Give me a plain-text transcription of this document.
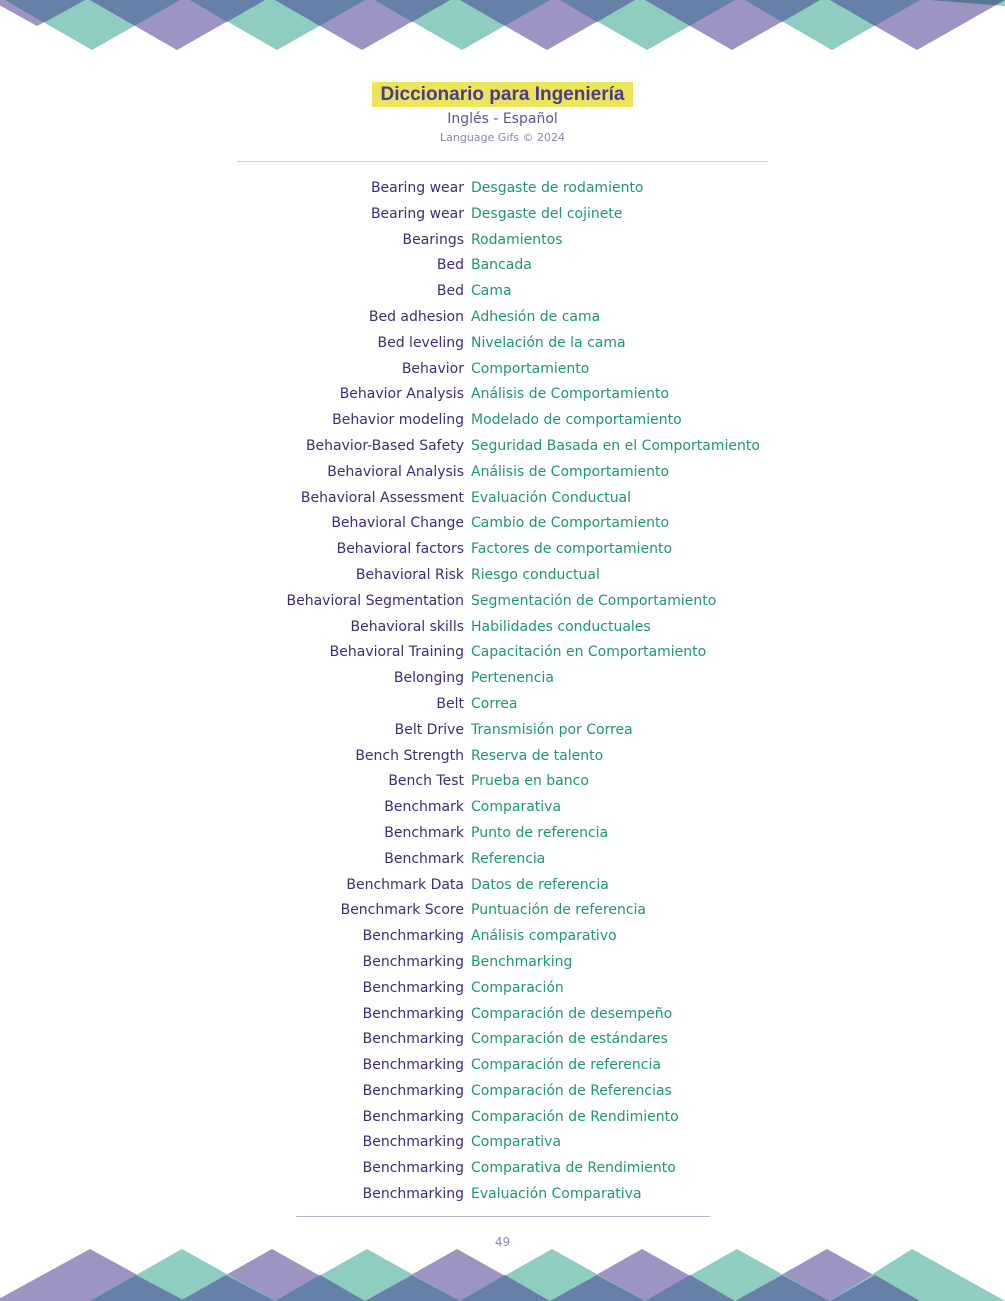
Diccionario para Ingeniería
Inglés - Español
Language Gifs © 2024
Bearing wear Desgaste de rodamiento
Bearing wear Desgaste del cojinete
Bearings Rodamientos
Bed Bancada
Bed Cama
Bed adhesion Adhesión de cama
Bed leveling Nivelación de la cama
Behavior Comportamiento
Behavior Analysis Análisis de Comportamiento
Behavior modeling Modelado de comportamiento
Behavior-Based Safety Seguridad Basada en el Comportamiento
Behavioral Analysis Análisis de Comportamiento
Behavioral Assessment Evaluación Conductual
Behavioral Change Cambio de Comportamiento
Behavioral factors Factores de comportamiento
Behavioral Risk Riesgo conductual
Behavioral Segmentation Segmentación de Comportamiento
Behavioral skills Habilidades conductuales
Behavioral Training Capacitación en Comportamiento
Belonging Pertenencia
Belt Correa
Belt Drive Transmisión por Correa
Bench Strength Reserva de talento
Bench Test Prueba en banco
Benchmark Comparativa
Benchmark Punto de referencia
Benchmark Referencia
Benchmark Data Datos de referencia
Benchmark Score Puntuación de referencia
Benchmarking Análisis comparativo
Benchmarking Benchmarking
Benchmarking Comparación
Benchmarking Comparación de desempeño
Benchmarking Comparación de estándares
Benchmarking Comparación de referencia
Benchmarking Comparación de Referencias
Benchmarking Comparación de Rendimiento
Benchmarking Comparativa
Benchmarking Comparativa de Rendimiento
Benchmarking Evaluación Comparativa
49
